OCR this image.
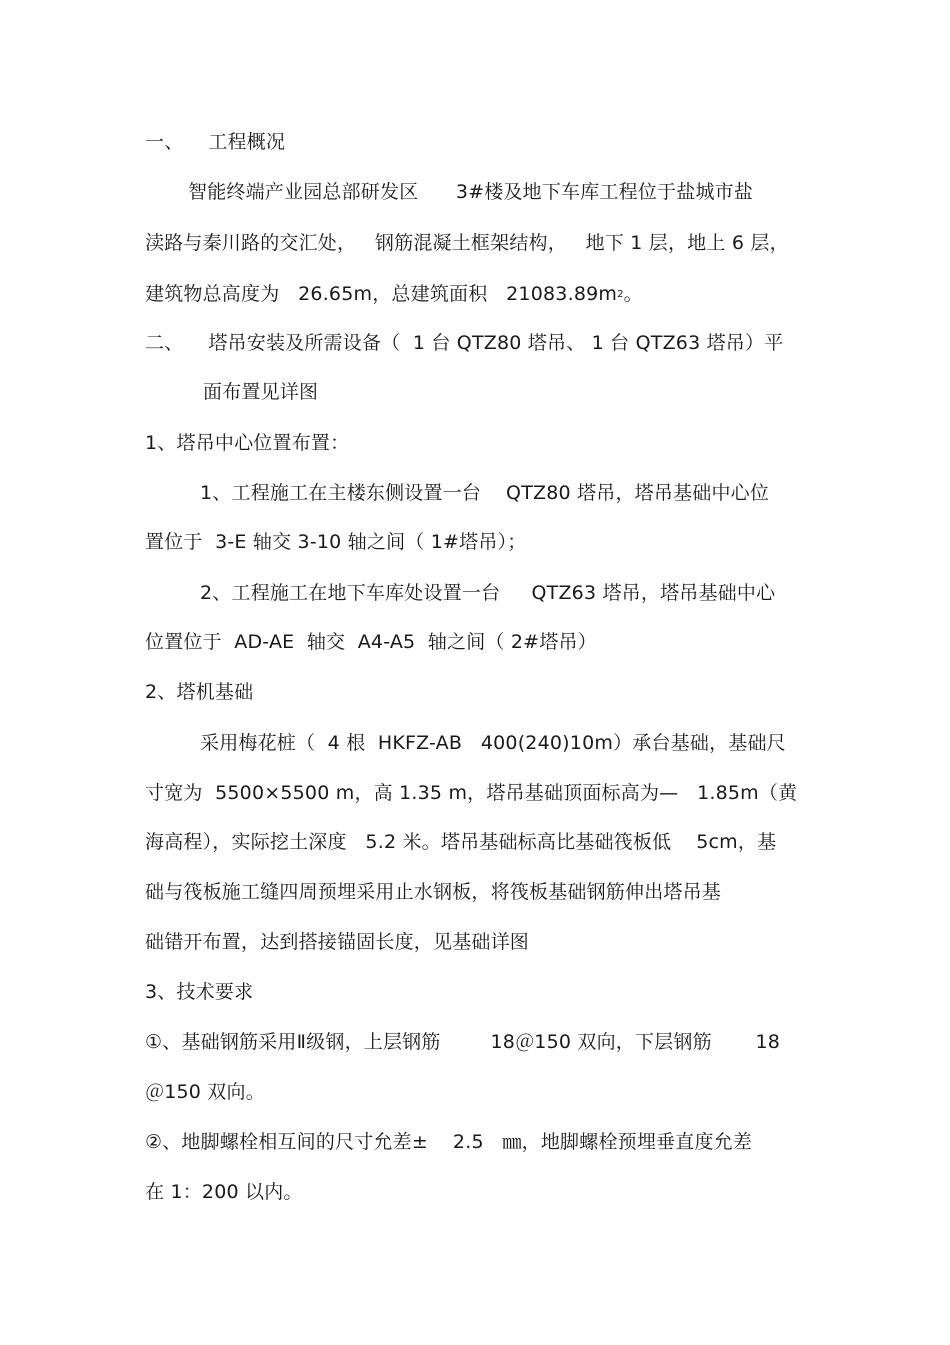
一、    工程概况
智能终端产业园总部研发区      3#楼及地下车库工程位于盐城市盐
渎路与秦川路的交汇处，   钢筋混凝土框架结构，   地下 1 层，地上 6 层，
建筑物总高度为   26.65m，总建筑面积   $21083.89m^2$。
二、    塔吊安装及所需设备（  1 台 QTZ80 塔吊、 1 台 QTZ63 塔吊）平
面布置见详图
1、塔吊中心位置布置：
1、工程施工在主楼东侧设置一台    QTZ80 塔吊，塔吊基础中心位
置位于  3-E 轴交 3-10 轴之间（ 1#塔吊）；
2、工程施工在地下车库处设置一台     QTZ63 塔吊，塔吊基础中心
位置位于  AD-AE  轴交  A4-A5  轴之间（ 2#塔吊）
2、塔机基础
采用梅花桩（  4 根  HKFZ-AB   400(240)10m）承台基础，基础尺
寸宽为  5500×5500 m，高 1.35 m，塔吊基础顶面标高为—   1.85m（黄
海高程），实际挖土深度   5.2 米。塔吊基础标高比基础筏板低    5cm，基
础与筏板施工缝四周预埋采用止水钢板，将筏板基础钢筋伸出塔吊基
础错开布置，达到搭接锚固长度，见基础详图
3、技术要求
①、基础钢筋采用Ⅱ级钢，上层钢筋        18＠150 双向，下层钢筋       18
＠150 双向。
②、地脚螺栓相互间的尺寸允差±    2.5   ㎜，地脚螺栓预埋垂直度允差
在 1：200 以内。
